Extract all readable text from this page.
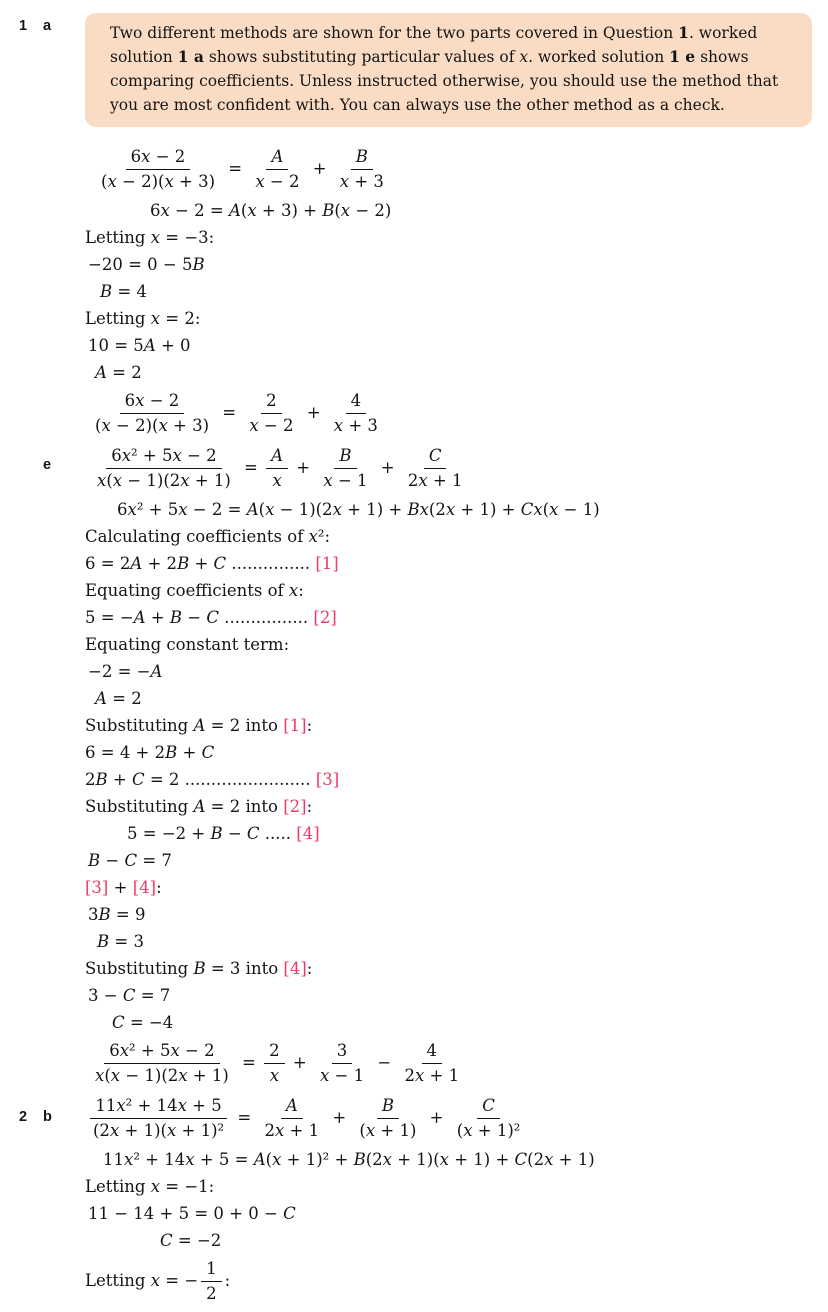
1	a	Two different methods are shown for the two parts covered in Question 1. worked solution 1 a shows substituting particular values of x. worked solution 1 e shows comparing coefficients. Unless instructed otherwise, you should use the method that you are most confident with. You can always use the other method as a check.
$\frac{6x - 2}{(x - 2)(x + 3)} = \frac{A}{x - 2} + \frac{B}{x + 3}$
6x − 2 = A(x + 3) + B(x − 2)
Letting x = −3:
−20 = 0 − 5B
B = 4
Letting x = 2:
10 = 5A + 0
A = 2
$\frac{6x - 2}{(x - 2)(x + 3)} = \frac{2}{x - 2} + \frac{4}{x + 3}$
e $\frac{\text{6x² + 5x − 2}}{x(x - 1)(2x + 1)} = \frac{A}{x} + \frac{B}{x - 1} + \frac{C}{2x + 1}$
6x² + 5x − 2 = A(x − 1)(2x + 1) + Bx(2x + 1) + Cx(x − 1)
Calculating coefficients of x²:
6 = 2A + 2B + C ............... [1]
Equating coefficients of x:
5 = −A + B − C ................ [2]
Equating constant term:
−2 = −A
A = 2
Substituting A = 2 into [1]:
6 = 4 + 2B + C
2B + C = 2 ........................ [3]
Substituting A = 2 into [2]:
5 = −2 + B − C ..... [4]
B − C = 7
[3] + [4]:
3B = 9
B = 3
Substituting B = 3 into [4]:
3 − C = 7
C = −4
$\frac{\text{6x² + 5x − 2}}{x(x - 1)(2x + 1)} = \frac{2}{x} + \frac{3}{x - 1} - \frac{4}{2x + 1}$
2	b $\frac{\text{11x² + 14x + 5}}{\text{(2x + 1)(x + 1)²}} = \frac{A}{2x + 1} + \frac{B}{(x + 1)} + \frac{C}{\text{(x + 1)²}}$
11x² + 14x + 5 = A(x + 1)² + B(2x + 1)(x + 1) + C(2x + 1)
Letting x = −1:
11 − 14 + 5 = 0 + 0 − C
C = −2
Letting x = − $\frac{1}{2}$ :
